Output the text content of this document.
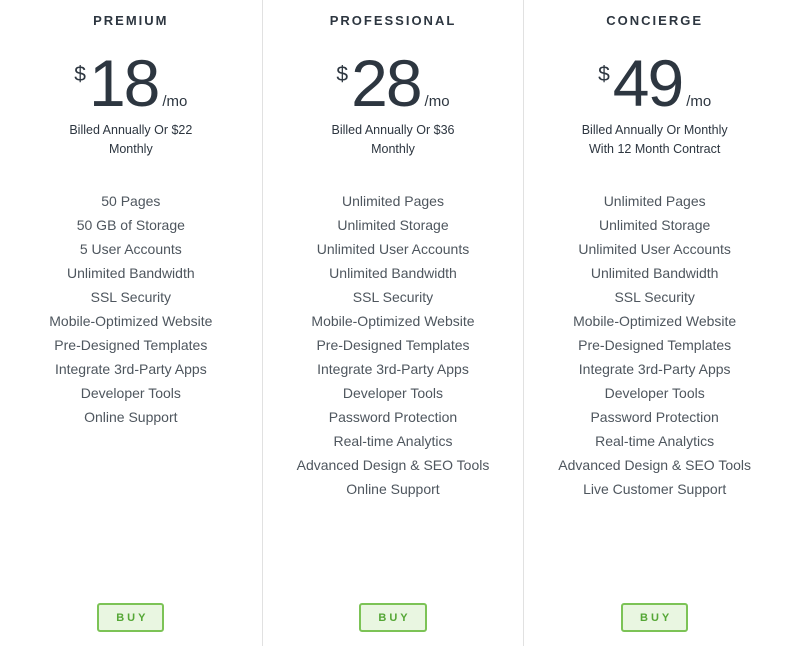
PREMIUM
$ 18 /mo

Billed Annually Or $22
Monthly

50 Pages
50 GB of Storage
5 User Accounts
Unlimited Bandwidth
SSL Security
Mobile-Optimized Website
Pre-Designed Templates
Integrate 3rd-Party Apps
Developer Tools
Online Support
BUY
PROFESSIONAL
$ 28 /mo

Billed Annually Or $36
Monthly

Unlimited Pages
Unlimited Storage
Unlimited User Accounts
Unlimited Bandwidth
SSL Security
Mobile-Optimized Website
Pre-Designed Templates
Integrate 3rd-Party Apps
Developer Tools
Password Protection
Real-time Analytics
Advanced Design & SEO Tools
Online Support
BUY
CONCIERGE
$ 49 /mo

Billed Annually Or Monthly
With 12 Month Contract

Unlimited Pages
Unlimited Storage
Unlimited User Accounts
Unlimited Bandwidth
SSL Security
Mobile-Optimized Website
Pre-Designed Templates
Integrate 3rd-Party Apps
Developer Tools
Password Protection
Real-time Analytics
Advanced Design & SEO Tools
Live Customer Support
BUY
